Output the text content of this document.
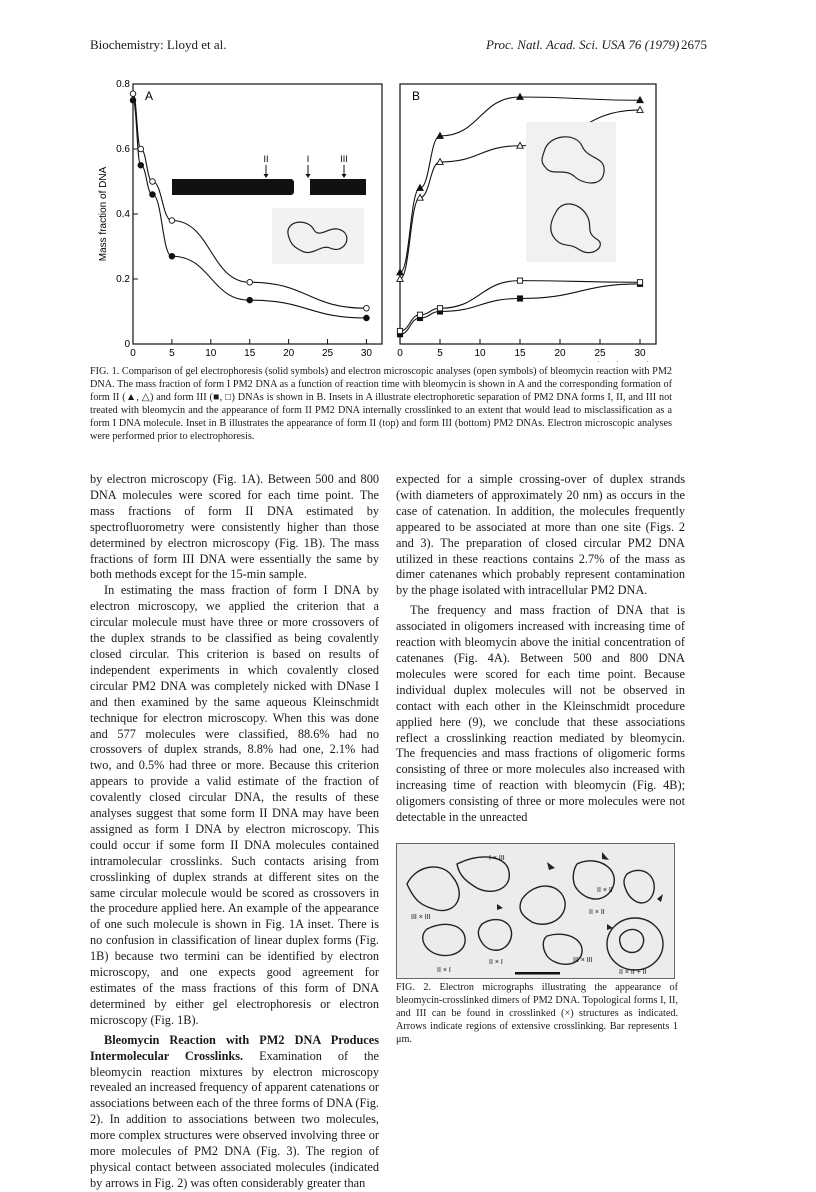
Biochemistry: Lloyd et al.	Proc. Natl. Acad. Sci. USA 76 (1979) 2675
A
0	5	10	15	20	25	30
0
0.2
0.4
0.6
0.8
Mass fraction of DNA
II	I	III
B
0	5	10	15	20	25	30
FIG. 1. Comparison of gel electrophoresis (solid symbols) and electron microscopic analyses (open symbols) of bleomycin reaction with PM2 DNA. The mass fraction of form I PM2 DNA as a function of reaction time with bleomycin is shown in A and the corresponding formation of form II (▲, △) and form III (■, □) DNAs is shown in B. Insets in A illustrate electrophoretic separation of PM2 DNA forms I, II, and III not treated with bleomycin and the appearance of form II PM2 DNA internally crosslinked to an extent that would lead to misclassification as a form I DNA molecule. Inset in B illustrates the appearance of form II (top) and form III (bottom) PM2 DNAs. Electron microscopic analyses were performed prior to electrophoresis.

by electron microscopy (Fig. 1A). Between 500 and 800 DNA molecules were scored for each time point. The mass fractions of form II DNA estimated by spectrofluorometry were consistently higher than those determined by electron microscopy (Fig. 1B). The mass fractions of form III DNA were essentially the same by both methods except for the 15-min sample.

In estimating the mass fraction of form I DNA by electron microscopy, we applied the criterion that a circular molecule must have three or more crossovers of the duplex strands to be classified as being covalently closed circular. This criterion is based on results of independent experiments in which covalently closed circular PM2 DNA was completely nicked with DNase I and then examined by the same aqueous Kleinschmidt technique for electron microscopy. When this was done and 577 molecules were classified, 88.6% had no crossovers of duplex strands, 8.8% had one, 2.1% had two, and 0.5% had three or more. Because this criterion appears to provide a valid estimate of the fraction of covalently closed circular DNA, the results of these analyses suggest that some form II DNA may have been assigned as form I DNA by electron microscopy. This could occur if some form II DNA molecules contained intramolecular crosslinks. Such contacts arising from crosslinking of duplex strands at different sites on the same circular molecule would be scored as crossovers in the procedure applied here. An example of the appearance of one such molecule is shown in Fig. 1A inset. There is no confusion in classification of linear duplex forms (Fig. 1B) because two termini can be identified by electron microscopy, and one expects good agreement for estimates of the mass fractions of this form of DNA determined by either gel electrophoresis or electron microscopy (Fig. 1B).

Bleomycin Reaction with PM2 DNA Produces Intermolecular Crosslinks. Examination of the bleomycin reaction mixtures by electron microscopy revealed an increased frequency of apparent catenations or associations between each of the three forms of DNA (Fig. 2). In addition to associations between two molecules, more complex structures were observed involving three or more molecules of PM2 DNA (Fig. 3). The region of physical contact between associated molecules (indicated by arrows in Fig. 2) was often considerably greater than

expected for a simple crossing-over of duplex strands (with diameters of approximately 20 nm) as occurs in the case of catenation. In addition, the molecules frequently appeared to be associated at more than one site (Figs. 2 and 3). The preparation of closed circular PM2 DNA utilized in these reactions contains 2.7% of the mass as dimer catenanes which probably represent contamination by the phage isolated with intracellular PM2 DNA.

The frequency and mass fraction of DNA that is associated in oligomers increased with increasing time of reaction with bleomycin above the initial concentration of catenanes (Fig. 4A). Between 500 and 800 DNA molecules were scored for each time point. Because individual duplex molecules will not be observed in contact with each other in the Kleinschmidt procedure applied here (9), we conclude that these associations reflect a crosslinking reaction mediated by bleomycin. The frequencies and mass fractions of oligomeric forms consisting of three or more molecules also increased with increasing time of reaction with bleomycin (Fig. 4B); oligomers consisting of three or more molecules were not detectable in the unreacted

I × III
II × II
III × III
II × I	III × III
II × II
II × I	II × II + II
FIG. 2. Electron micrographs illustrating the appearance of bleomycin-crosslinked dimers of PM2 DNA. Topological forms I, II, and III can be found in crosslinked (×) structures as indicated. Arrows indicate regions of extensive crosslinking. Bar represents 1 μm.
